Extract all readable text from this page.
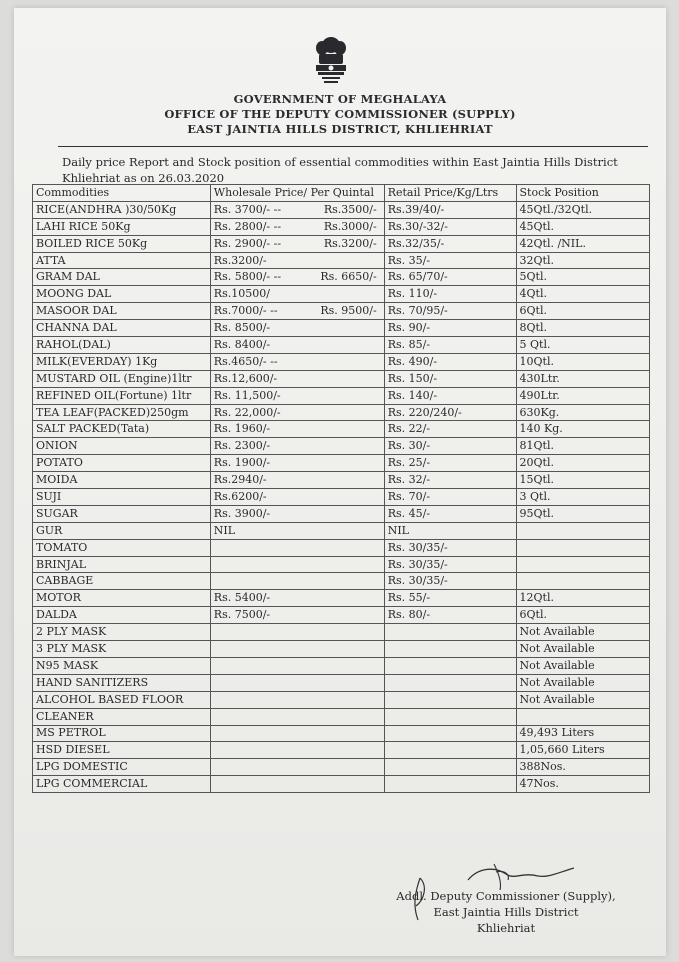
GOVERNMENT OF MEGHALAYA
OFFICE OF THE DEPUTY COMMISSIONER (SUPPLY)
EAST JAINTIA HILLS DISTRICT, KHLIEHRIAT
Daily price Report and Stock position of essential commodities within East Jaintia Hills District Khliehriat as on 26.03.2020
Commodities	Wholesale Price/ Per Quintal	Retail Price/Kg/Ltrs	Stock Position
RICE(ANDHRA )30/50Kg	Rs. 3700/- -- Rs.3500/-	Rs.39/40/-	45Qtl./32Qtl.
LAHI RICE 50Kg	Rs. 2800/- -- Rs.3000/-	Rs.30/-32/-	45Qtl.
BOILED RICE 50Kg	Rs. 2900/- -- Rs.3200/-	Rs.32/35/-	42Qtl. /NIL.
ATTA	Rs.3200/-	Rs. 35/-	32Qtl.
GRAM DAL	Rs. 5800/- -- Rs. 6650/-	Rs. 65/70/-	5Qtl.
MOONG DAL	Rs.10500/	Rs. 110/-	4Qtl.
MASOOR DAL	Rs.7000/- -- Rs. 9500/-	Rs. 70/95/-	6Qtl.
CHANNA DAL	Rs. 8500/-	Rs. 90/-	8Qtl.
RAHOL(DAL)	Rs. 8400/-	Rs. 85/-	5 Qtl.
MILK(EVERDAY) 1Kg	Rs.4650/- --	Rs. 490/-	10Qtl.
MUSTARD OIL (Engine)1ltr	Rs.12,600/-	Rs. 150/-	430Ltr.
REFINED OIL(Fortune) 1ltr	Rs. 11,500/-	Rs. 140/-	490Ltr.
TEA LEAF(PACKED)250gm	Rs. 22,000/-	Rs. 220/240/-	630Kg.
SALT PACKED(Tata)	Rs. 1960/-	Rs. 22/-	140 Kg.
ONION	Rs. 2300/-	Rs. 30/-	81Qtl.
POTATO	Rs. 1900/-	Rs. 25/-	20Qtl.
MOIDA	Rs.2940/-	Rs. 32/-	15Qtl.
SUJI	Rs.6200/-	Rs. 70/-	3 Qtl.
SUGAR	Rs. 3900/-	Rs. 45/-	95Qtl.
GUR	NIL	NIL	
TOMATO		Rs. 30/35/-	
BRINJAL		Rs. 30/35/-	
CABBAGE		Rs. 30/35/-	
MOTOR	Rs. 5400/-	Rs. 55/-	12Qtl.
DALDA	Rs. 7500/-	Rs. 80/-	6Qtl.
2 PLY MASK			Not Available
3 PLY MASK			Not Available
N95 MASK			Not Available
HAND SANITIZERS			Not Available
ALCOHOL BASED FLOOR			Not Available
CLEANER	

MS PETROL			49,493 Liters
HSD DIESEL			1,05,660 Liters
LPG DOMESTIC			388Nos.
LPG COMMERCIAL			47Nos.
Addl. Deputy Commissioner (Supply),
East Jaintia Hills District
Khliehriat
